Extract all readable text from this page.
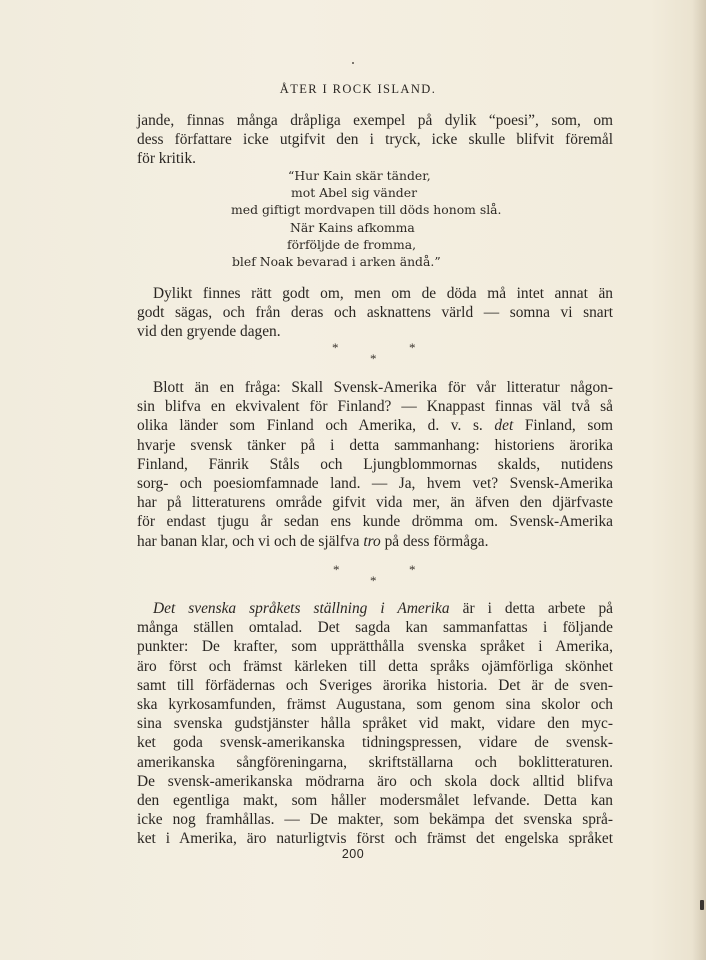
ÅTER I ROCK ISLAND.
jande, finnas många dråpliga exempel på dylik “poesi”, som, om
dess författare icke utgifvit den i tryck, icke skulle blifvit föremål
för kritik.
“Hur Kain skär tänder,
mot Abel sig vänder
med giftigt mordvapen till döds honom slå.
När Kains afkomma
förföljde de fromma,
blef Noak bevarad i arken ändå.”
Dylikt finnes rätt godt om, men om de döda må intet annat än
godt sägas, och från deras och asknattens värld — somna vi snart
vid den gryende dagen.
*	*
*
Blott än en fråga: Skall Svensk-Amerika för vår litteratur någon-
sin blifva en ekvivalent för Finland? — Knappast finnas väl två så
olika länder som Finland och Amerika, d. v. s. det Finland, som
hvarje svensk tänker på i detta sammanhang: historiens ärorika
Finland, Fänrik Ståls och Ljungblommornas skalds, nutidens
sorg- och poesiomfamnade land. — Ja, hvem vet? Svensk-Amerika
har på litteraturens område gifvit vida mer, än äfven den djärfvaste
för endast tjugu år sedan ens kunde drömma om. Svensk-Amerika
har banan klar, och vi och de själfva tro på dess förmåga.
*	*
*
Det svenska språkets ställning i Amerika är i detta arbete på
många ställen omtalad. Det sagda kan sammanfattas i följande
punkter: De krafter, som upprätthålla svenska språket i Amerika,
äro först och främst kärleken till detta språks ojämförliga skönhet
samt till förfädernas och Sveriges ärorika historia. Det är de sven-
ska kyrkosamfunden, främst Augustana, som genom sina skolor och
sina svenska gudstjänster hålla språket vid makt, vidare den myc-
ket goda svensk-amerikanska tidningspressen, vidare de svensk-
amerikanska sångföreningarna, skriftställarna och boklitteraturen.
De svensk-amerikanska mödrarna äro och skola dock alltid blifva
den egentliga makt, som håller modersmålet lefvande. Detta kan
icke nog framhållas. — De makter, som bekämpa det svenska språ-
ket i Amerika, äro naturligtvis först och främst det engelska språket
200
